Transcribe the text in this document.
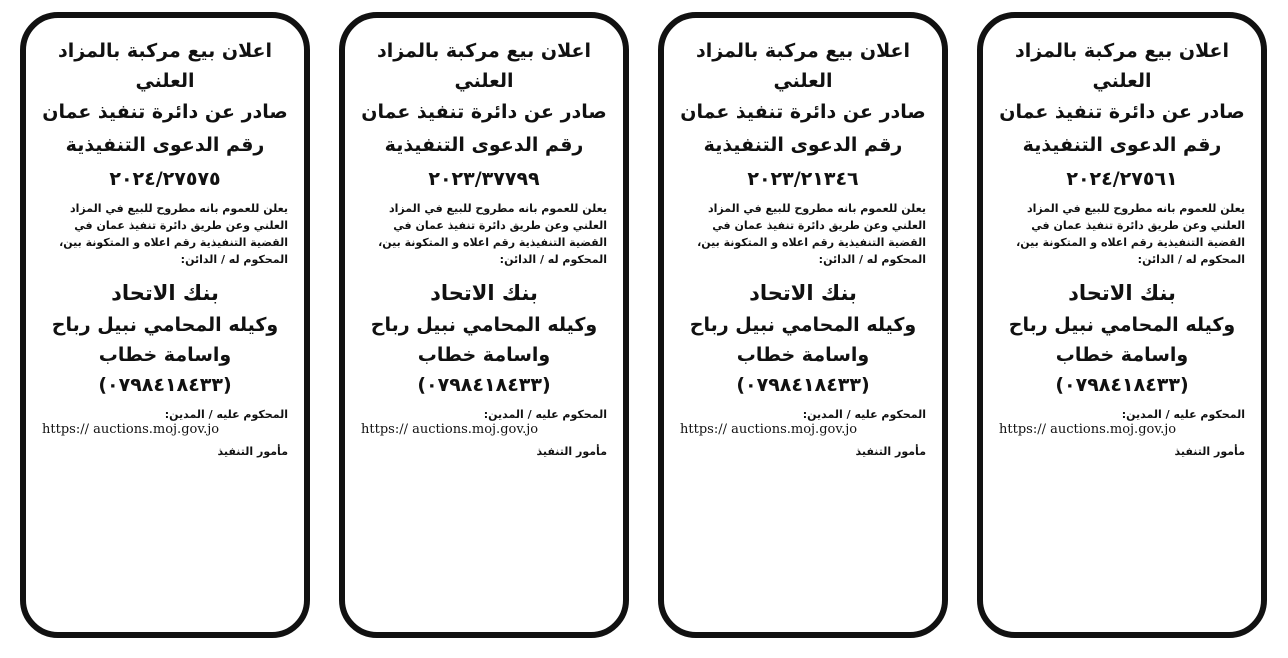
اعلان بيع مركبة بالمزاد العلني
صادر عن دائرة تنفيذ عمان
رقم الدعوى التنفيذية ٢٠٢٤/٢٧٥٧٥
يعلن للعموم بانه مطروح للبيع في المزاد العلني وعن طريق دائرة تنفيذ عمان في القضية التنفيذية رقم اعلاه و المتكونة بين،
المحكوم له / الدائن:
بنك الاتحاد
وكيله المحامي نبيل رباح واسامة خطاب
(٠٧٩٨٤١٨٤٣٣)
المحكوم عليه / المدين:
https:// auctions.moj.gov.jo
مأمور التنفيذ
اعلان بيع مركبة بالمزاد العلني
صادر عن دائرة تنفيذ عمان
رقم الدعوى التنفيذية ٢٠٢٣/٣٧٧٩٩
يعلن للعموم بانه مطروح للبيع في المزاد العلني وعن طريق دائرة تنفيذ عمان في القضية التنفيذية رقم اعلاه و المتكونة بين،
المحكوم له / الدائن:
بنك الاتحاد
وكيله المحامي نبيل رباح واسامة خطاب
(٠٧٩٨٤١٨٤٣٣)
المحكوم عليه / المدين:
https:// auctions.moj.gov.jo
مأمور التنفيذ
اعلان بيع مركبة بالمزاد العلني
صادر عن دائرة تنفيذ عمان
رقم الدعوى التنفيذية ٢٠٢٣/٢١٣٤٦
يعلن للعموم بانه مطروح للبيع في المزاد العلني وعن طريق دائرة تنفيذ عمان في القضية التنفيذية رقم اعلاه و المتكونة بين،
المحكوم له / الدائن:
بنك الاتحاد
وكيله المحامي نبيل رباح واسامة خطاب
(٠٧٩٨٤١٨٤٣٣)
المحكوم عليه / المدين:
https:// auctions.moj.gov.jo
مأمور التنفيذ
اعلان بيع مركبة بالمزاد العلني
صادر عن دائرة تنفيذ عمان
رقم الدعوى التنفيذية ٢٠٢٤/٢٧٥٦١
يعلن للعموم بانه مطروح للبيع في المزاد العلني وعن طريق دائرة تنفيذ عمان في القضية التنفيذية رقم اعلاه و المتكونة بين،
المحكوم له / الدائن:
بنك الاتحاد
وكيله المحامي نبيل رباح واسامة خطاب
(٠٧٩٨٤١٨٤٣٣)
المحكوم عليه / المدين:
https:// auctions.moj.gov.jo
مأمور التنفيذ
